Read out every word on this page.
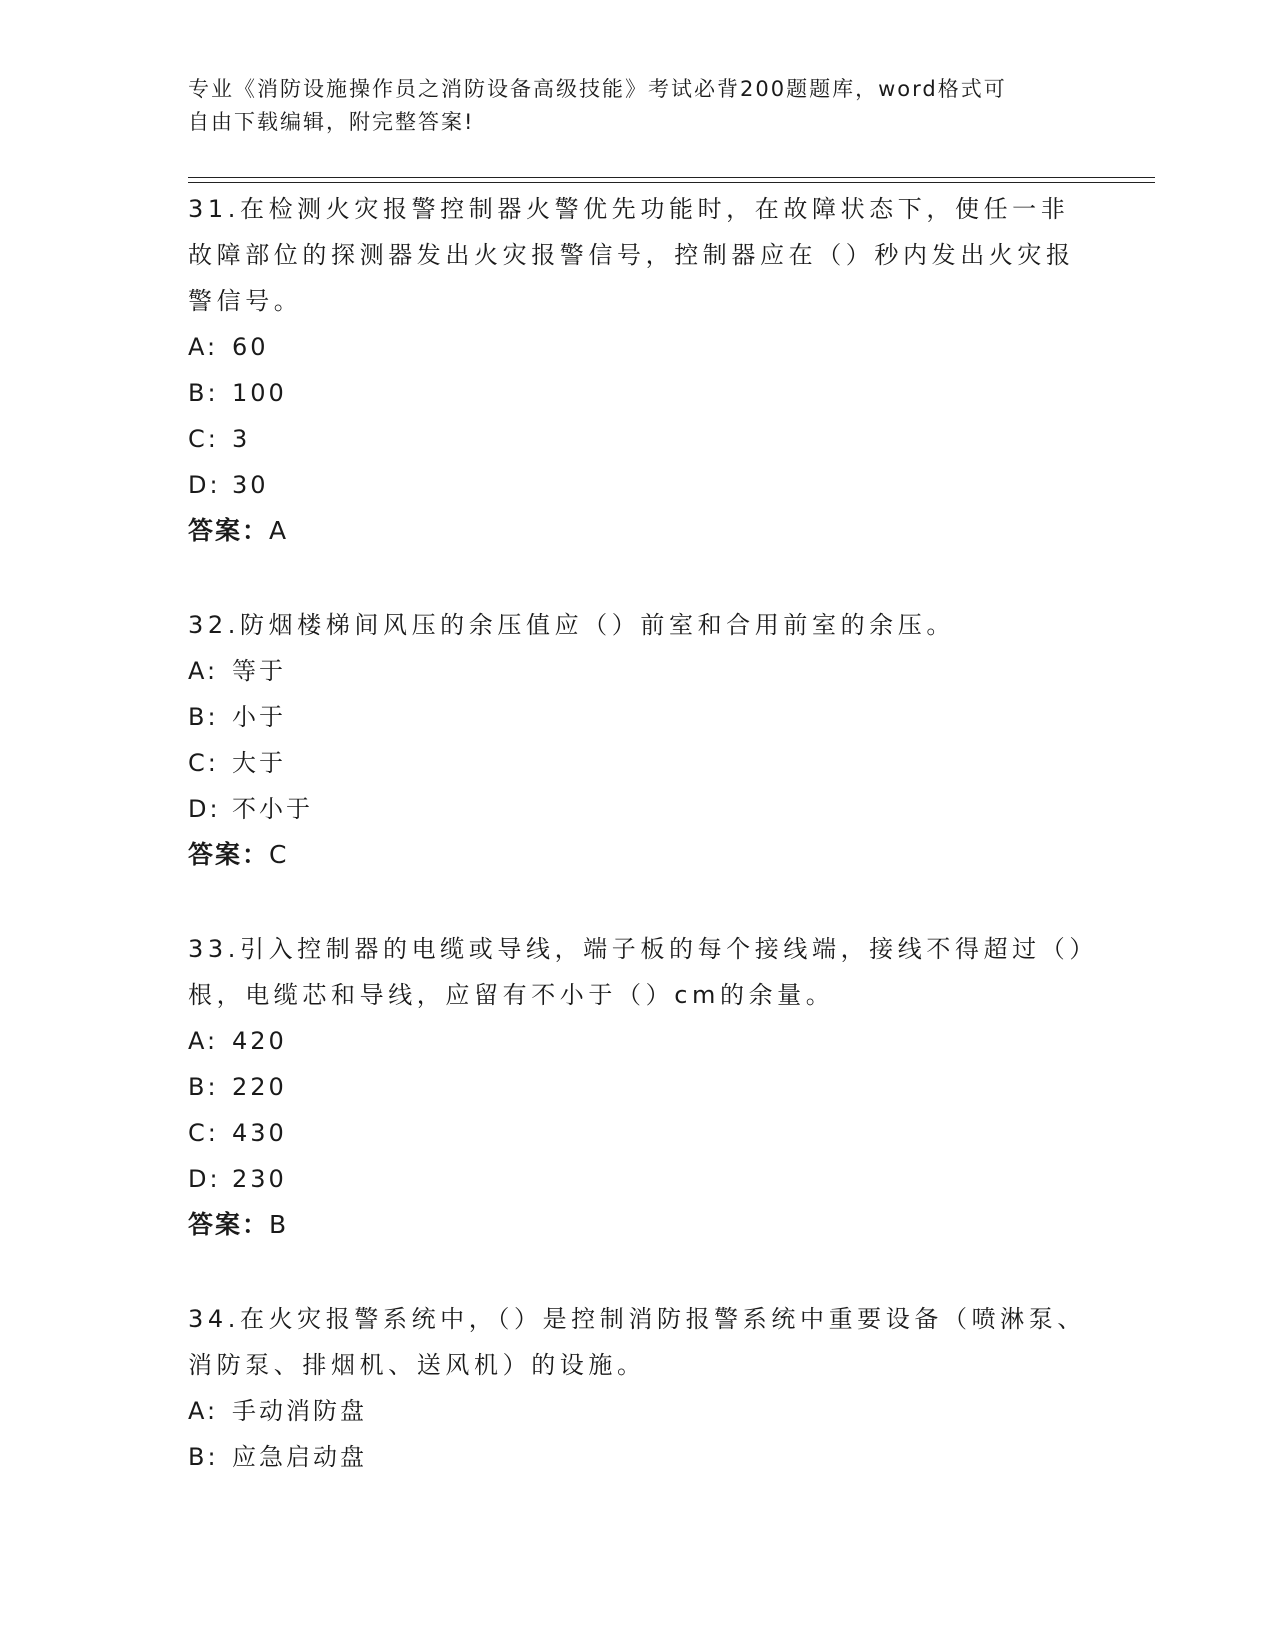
专业《消防设施操作员之消防设备高级技能》考试必背200题题库，word格式可
自由下载编辑，附完整答案!

31.在检测火灾报警控制器火警优先功能时，在故障状态下，使任一非故障部位的探测器发出火灾报警信号，控制器应在（）秒内发出火灾报警信号。

A: 60
B: 100
C: 3
D: 30
答案：A

32.防烟楼梯间风压的余压值应（）前室和合用前室的余压。

A: 等于
B: 小于
C: 大于
D: 不小于
答案：C

33.引入控制器的电缆或导线，端子板的每个接线端，接线不得超过（）根，电缆芯和导线，应留有不小于（）cm的余量。

A: 420
B: 220
C: 430
D: 230
答案：B

34.在火灾报警系统中，（）是控制消防报警系统中重要设备（喷淋泵、消防泵、排烟机、送风机）的设施。

A: 手动消防盘
B: 应急启动盘
